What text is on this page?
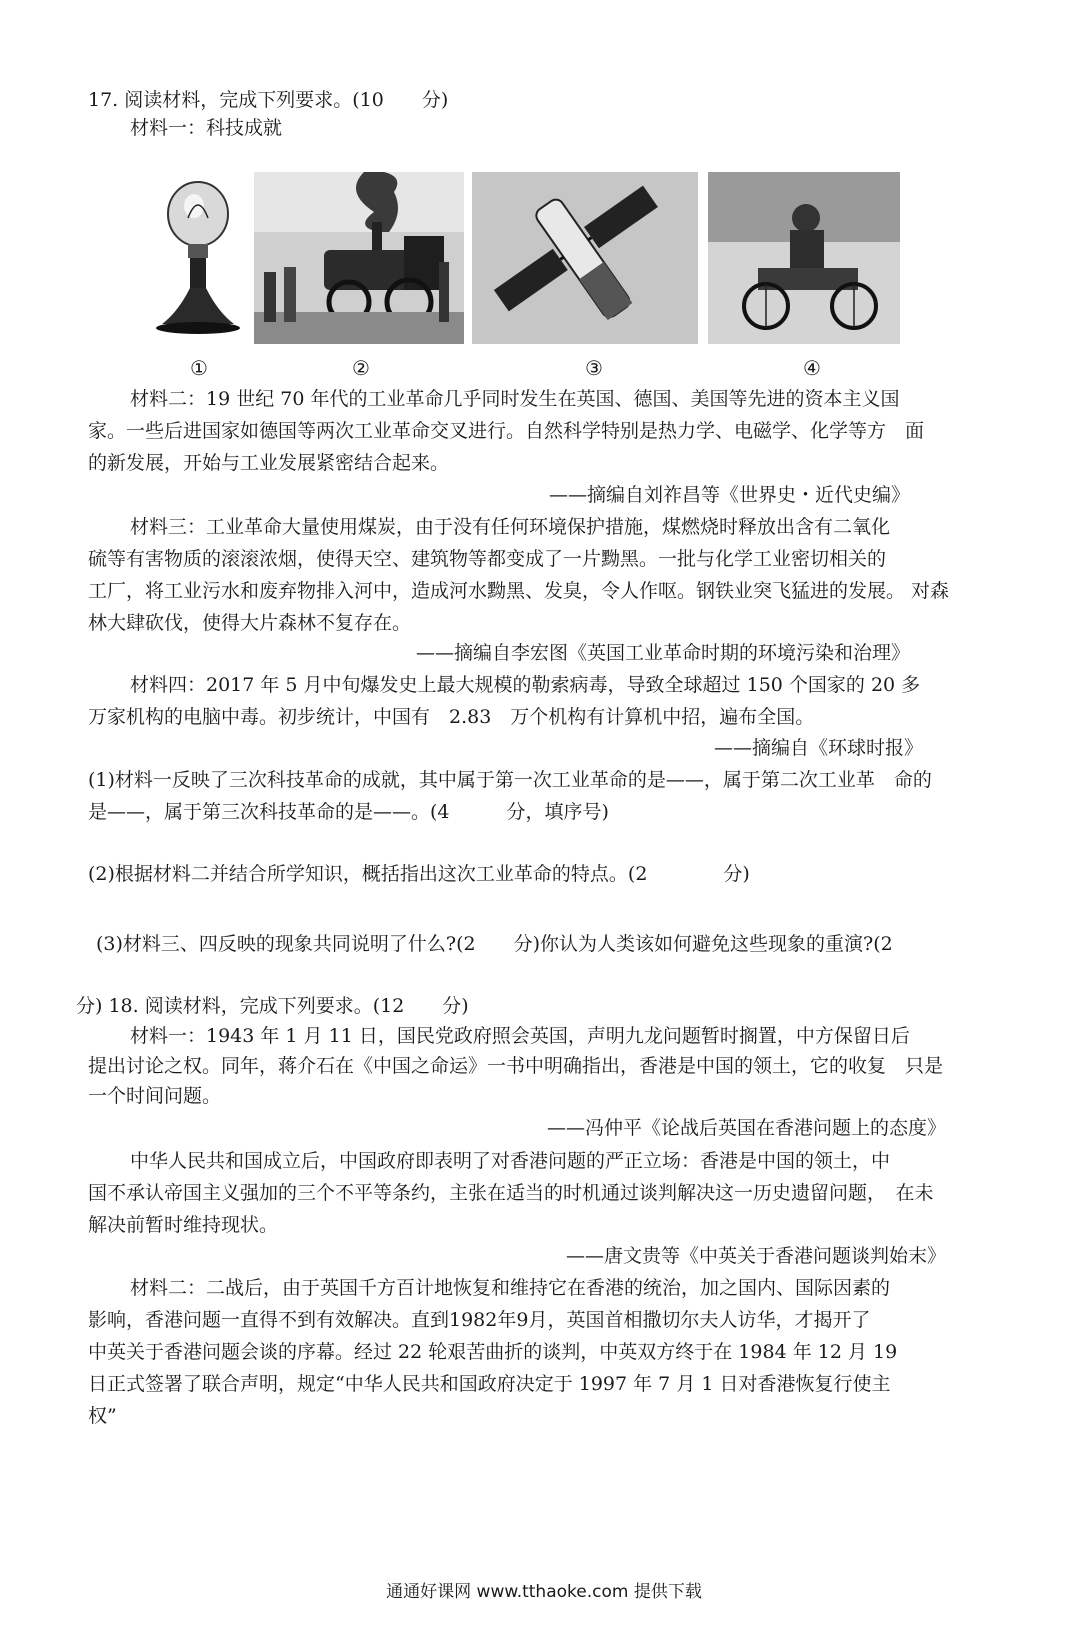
17. 阅读材料，完成下列要求。(10　　分)
材料一：科技成就
①	②	③	④
材料二：19 世纪 70 年代的工业革命几乎同时发生在英国、德国、美国等先进的资本主义国
家。一些后进国家如德国等两次工业革命交叉进行。自然科学特别是热力学、电磁学、化学等方　面
的新发展，开始与工业发展紧密结合起来。
——摘编自刘祚昌等《世界史・近代史编》
材料三：工业革命大量使用煤炭，由于没有任何环境保护措施，煤燃烧时释放出含有二氧化
硫等有害物质的滚滚浓烟，使得天空、建筑物等都变成了一片黝黑。一批与化学工业密切相关的
工厂，将工业污水和废弃物排入河中，造成河水黝黑、发臭，令人作呕。钢铁业突飞猛进的发展。 对森
林大肆砍伐，使得大片森林不复存在。
——摘编自李宏图《英国工业革命时期的环境污染和治理》
材料四：2017 年 5 月中旬爆发史上最大规模的勒索病毒，导致全球超过 150 个国家的 20 多
万家机构的电脑中毒。初步统计，中国有　2.83　万个机构有计算机中招，遍布全国。
——摘编自《环球时报》
(1)材料一反映了三次科技革命的成就，其中属于第一次工业革命的是——，属于第二次工业革　命的
是——，属于第三次科技革命的是——。(4　　　分，填序号)
(2)根据材料二并结合所学知识，概括指出这次工业革命的特点。(2　　　　分)
(3)材料三、四反映的现象共同说明了什么?(2　　分)你认为人类该如何避免这些现象的重演?(2
分) 18. 阅读材料，完成下列要求。(12　　分)
材料一：1943 年 1 月 11 日，国民党政府照会英国，声明九龙问题暂时搁置，中方保留日后
提出讨论之权。同年，蒋介石在《中国之命运》一书中明确指出，香港是中国的领土，它的收复　只是
一个时间问题。
——冯仲平《论战后英国在香港问题上的态度》
中华人民共和国成立后，中国政府即表明了对香港问题的严正立场：香港是中国的领土，中
国不承认帝国主义强加的三个不平等条约，主张在适当的时机通过谈判解决这一历史遗留问题，　在未
解决前暂时维持现状。
——唐文贵等《中英关于香港问题谈判始末》
材料二：二战后，由于英国千方百计地恢复和维持它在香港的统治，加之国内、国际因素的
影响，香港问题一直得不到有效解决。直到1982年9月，英国首相撒切尔夫人访华，才揭开了
中英关于香港问题会谈的序幕。经过 22 轮艰苦曲折的谈判，中英双方终于在 1984 年 12 月 19
日正式签署了联合声明，规定“中华人民共和国政府决定于 1997 年 7 月 1 日对香港恢复行使主
权”
通通好课网 www.tthaoke.com 提供下载
